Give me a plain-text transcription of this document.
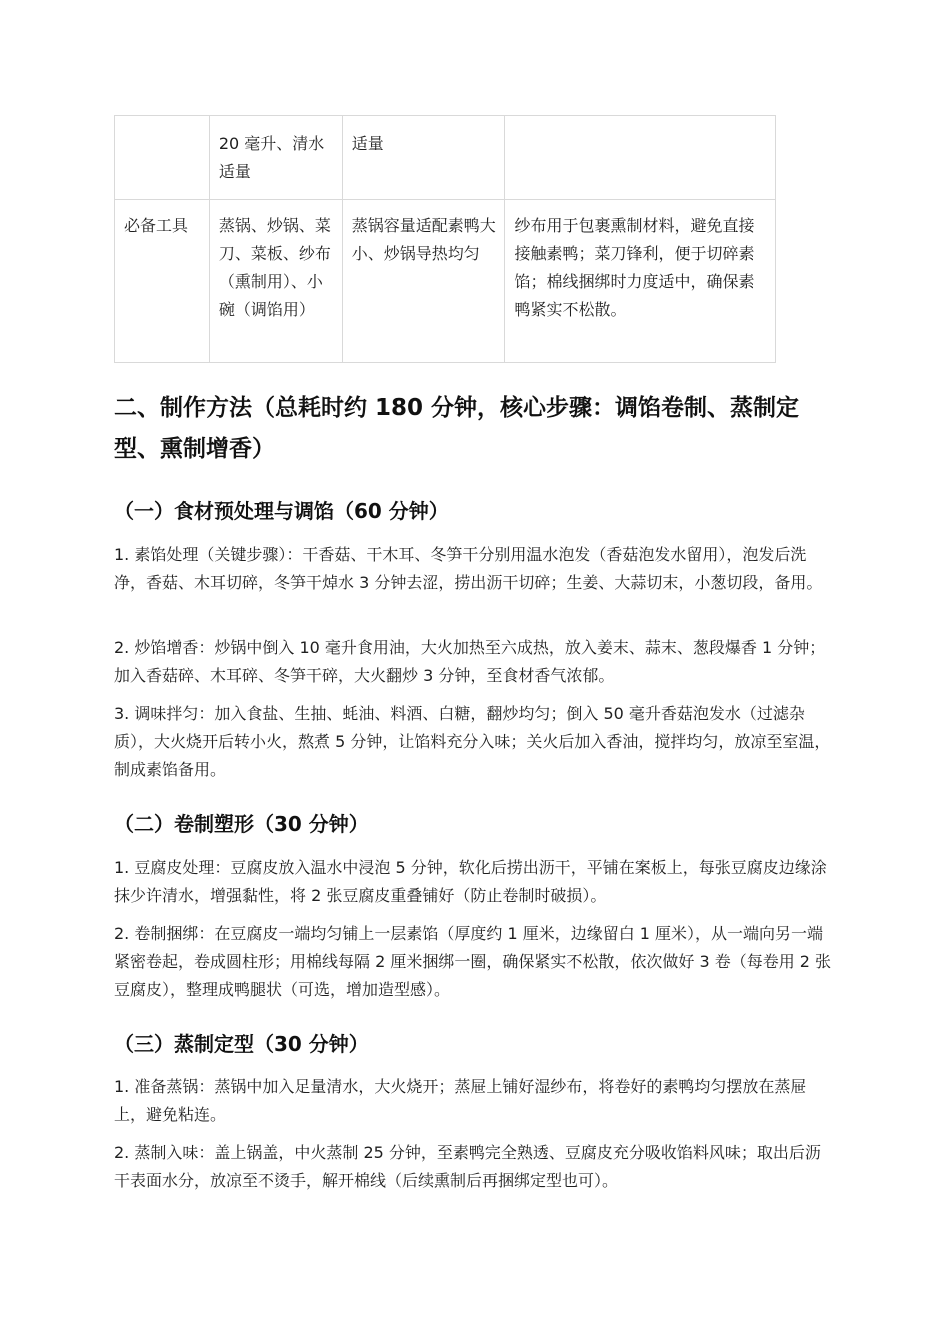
	20 毫升、清水适量	适量	
必备工具	蒸锅、炒锅、菜刀、菜板、纱布（熏制用）、小碗（调馅用）	蒸锅容量适配素鸭大小、炒锅导热均匀	纱布用于包裹熏制材料，避免直接接触素鸭；菜刀锋利，便于切碎素馅；棉线捆绑时力度适中，确保素鸭紧实不松散。
二、制作方法（总耗时约 180 分钟，核心步骤：调馅卷制、蒸制定型、熏制增香）
（一）食材预处理与调馅（60 分钟）

1. 素馅处理（关键步骤）：干香菇、干木耳、冬笋干分别用温水泡发（香菇泡发水留用），泡发后洗净，香菇、木耳切碎，冬笋干焯水 3 分钟去涩，捞出沥干切碎；生姜、大蒜切末，小葱切段，备用。

2. 炒馅增香：炒锅中倒入 10 毫升食用油，大火加热至六成热，放入姜末、蒜末、葱段爆香 1 分钟；加入香菇碎、木耳碎、冬笋干碎，大火翻炒 3 分钟，至食材香气浓郁。

3. 调味拌匀：加入食盐、生抽、蚝油、料酒、白糖，翻炒均匀；倒入 50 毫升香菇泡发水（过滤杂质），大火烧开后转小火，熬煮 5 分钟，让馅料充分入味；关火后加入香油，搅拌均匀，放凉至室温，制成素馅备用。

（二）卷制塑形（30 分钟）

1. 豆腐皮处理：豆腐皮放入温水中浸泡 5 分钟，软化后捞出沥干，平铺在案板上，每张豆腐皮边缘涂抹少许清水，增强黏性，将 2 张豆腐皮重叠铺好（防止卷制时破损）。

2. 卷制捆绑：在豆腐皮一端均匀铺上一层素馅（厚度约 1 厘米，边缘留白 1 厘米），从一端向另一端紧密卷起，卷成圆柱形；用棉线每隔 2 厘米捆绑一圈，确保紧实不松散，依次做好 3 卷（每卷用 2 张豆腐皮），整理成鸭腿状（可选，增加造型感）。

（三）蒸制定型（30 分钟）

1. 准备蒸锅：蒸锅中加入足量清水，大火烧开；蒸屉上铺好湿纱布，将卷好的素鸭均匀摆放在蒸屉上，避免粘连。

2. 蒸制入味：盖上锅盖，中火蒸制 25 分钟，至素鸭完全熟透、豆腐皮充分吸收馅料风味；取出后沥干表面水分，放凉至不烫手，解开棉线（后续熏制后再捆绑定型也可）。
